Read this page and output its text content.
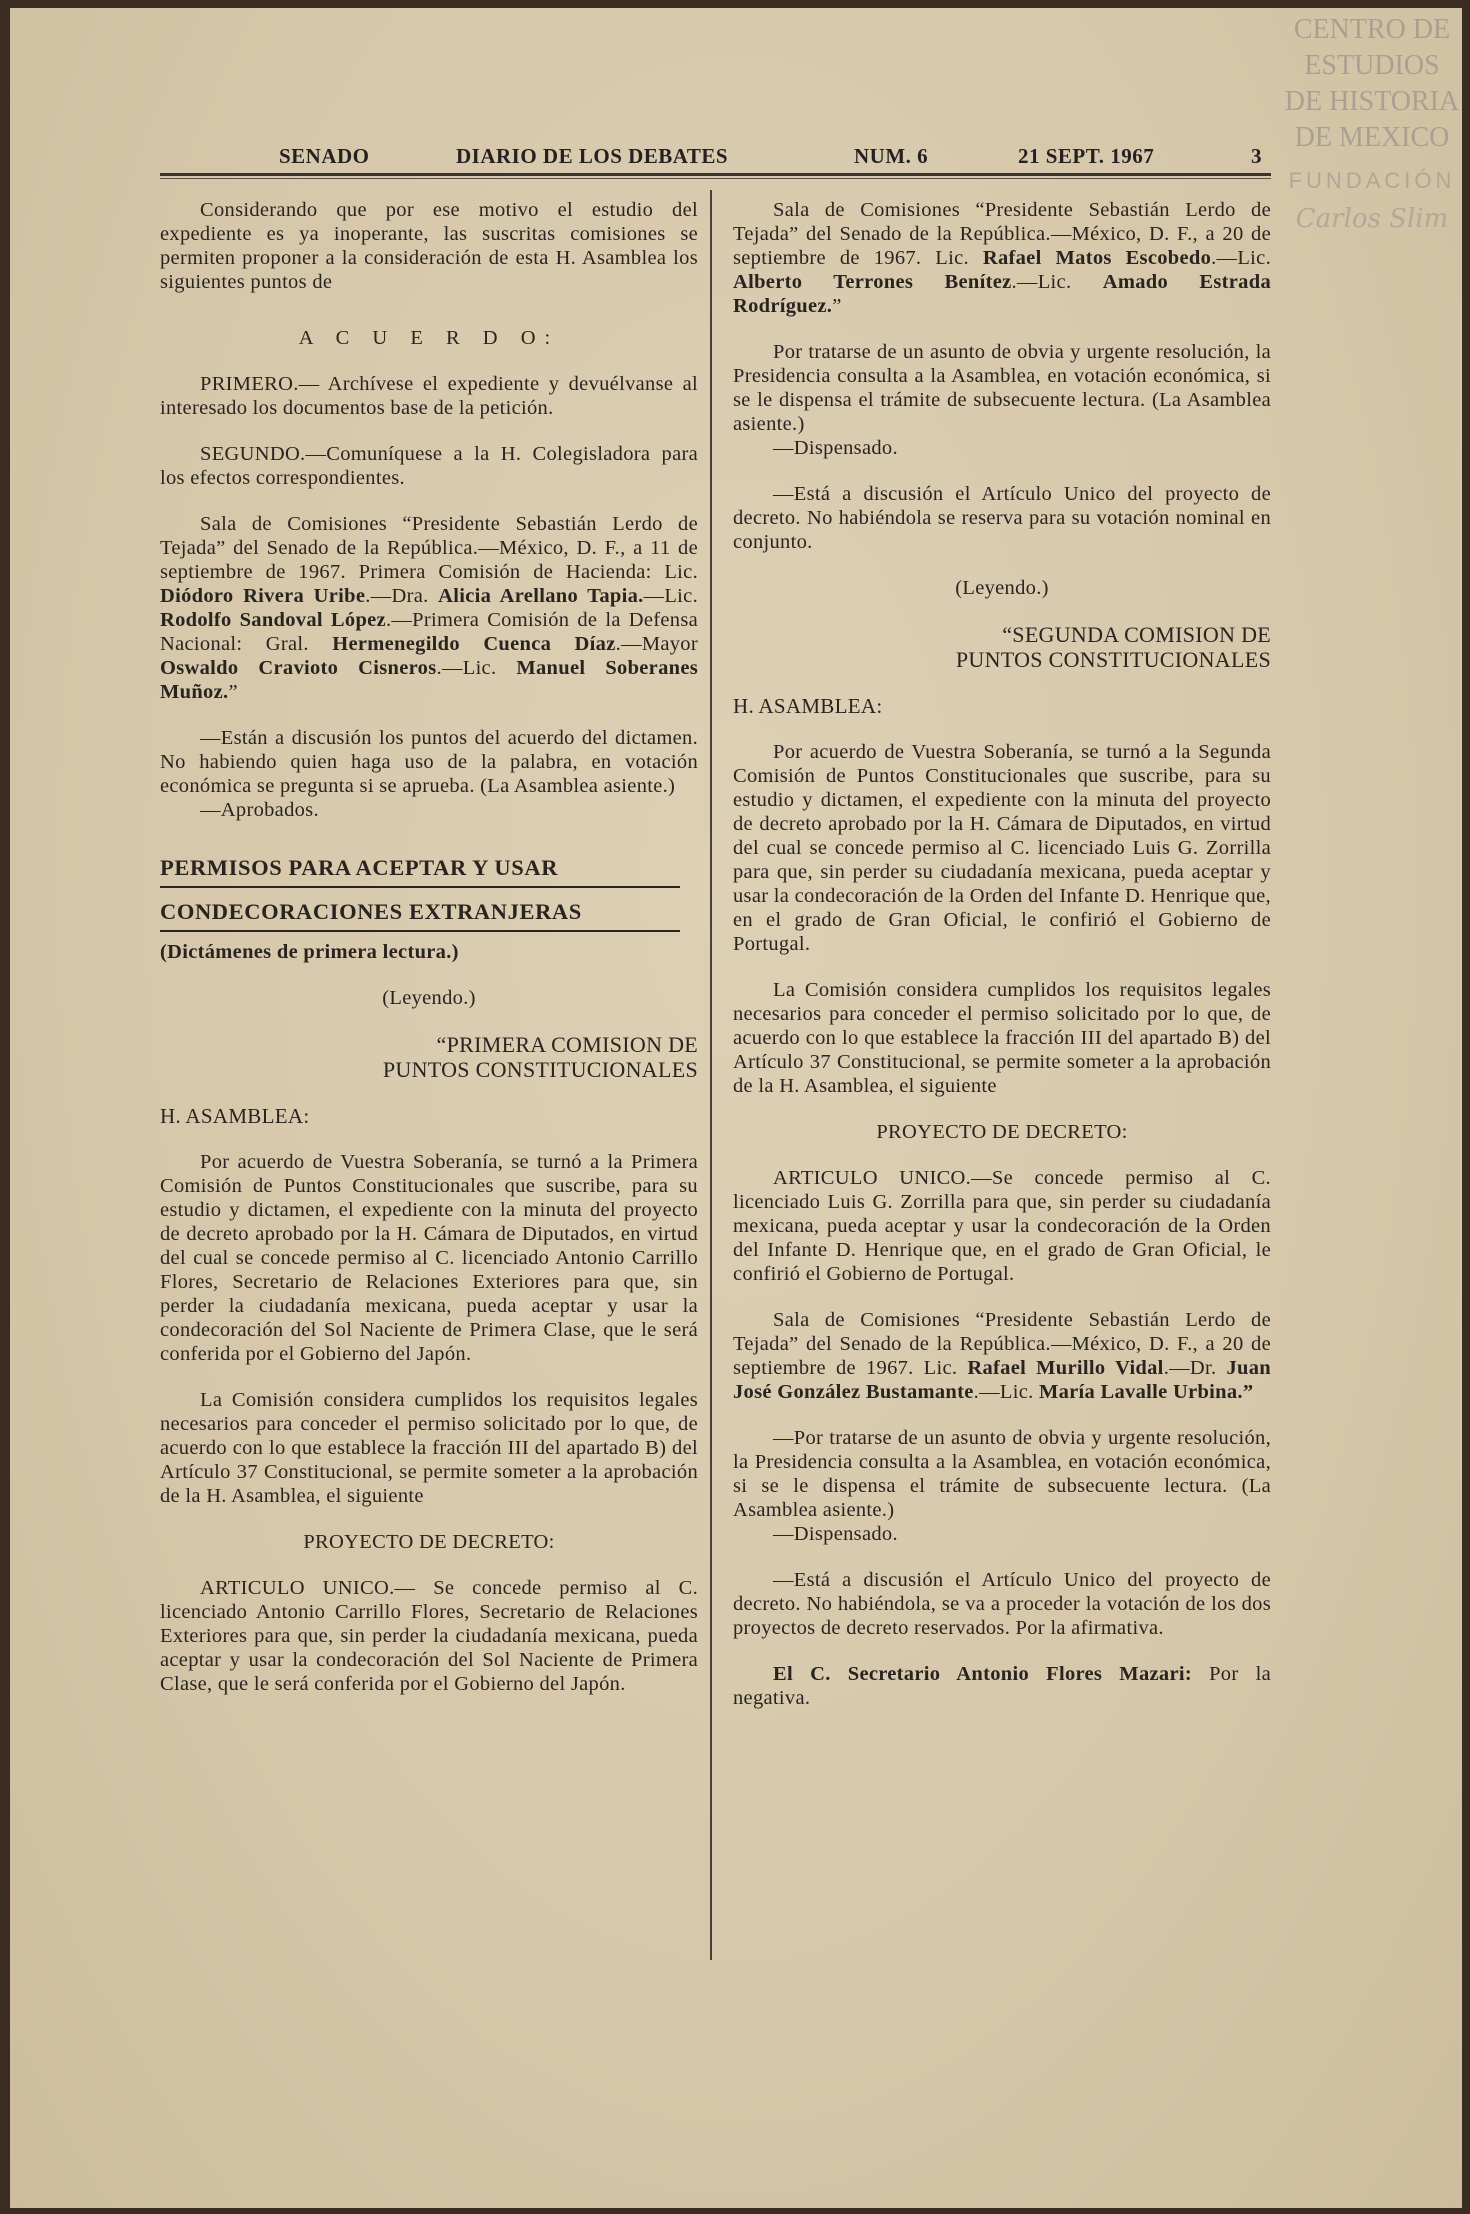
CENTRO DE
ESTUDIOS
DE HISTORIA
DE MEXICO
FUNDACIÓN
Carlos Slim
SENADO	DIARIO DE LOS DEBATES	NUM. 6	21 SEPT. 1967	3

Considerando que por ese motivo el estudio del expediente es ya inoperante, las suscritas comisiones se permiten proponer a la consideración de esta H. Asamblea los siguientes puntos de

A C U E R D O:

PRIMERO.— Archívese el expediente y devuélvanse al interesado los documentos base de la petición.

SEGUNDO.—Comuníquese a la H. Colegisladora para los efectos correspondientes.

Sala de Comisiones “Presidente Sebastián Lerdo de Tejada” del Senado de la República.—México, D. F., a 11 de septiembre de 1967. Primera Comisión de Hacienda: Lic. Diódoro Rivera Uribe.—Dra. Alicia Arellano Tapia.—Lic. Rodolfo Sandoval López.—Primera Comisión de la Defensa Nacional: Gral. Hermenegildo Cuenca Díaz.—Mayor Oswaldo Cravioto Cisneros.—Lic. Manuel Soberanes Muñoz.”

—Están a discusión los puntos del acuerdo del dictamen. No habiendo quien haga uso de la palabra, en votación económica se pregunta si se aprueba. (La Asamblea asiente.)

—Aprobados.

PERMISOS PARA ACEPTAR Y USAR

CONDECORACIONES EXTRANJERAS

(Dictámenes de primera lectura.)

(Leyendo.)

“PRIMERA COMISION DE
PUNTOS CONSTITUCIONALES

H. ASAMBLEA:

Por acuerdo de Vuestra Soberanía, se turnó a la Primera Comisión de Puntos Constitucionales que suscribe, para su estudio y dictamen, el expediente con la minuta del proyecto de decreto aprobado por la H. Cámara de Diputados, en virtud del cual se concede permiso al C. licenciado Antonio Carrillo Flores, Secretario de Relaciones Exteriores para que, sin perder la ciudadanía mexicana, pueda aceptar y usar la condecoración del Sol Naciente de Primera Clase, que le será conferida por el Gobierno del Japón.

La Comisión considera cumplidos los requisitos legales necesarios para conceder el permiso solicitado por lo que, de acuerdo con lo que establece la fracción III del apartado B) del Artículo 37 Constitucional, se permite someter a la aprobación de la H. Asamblea, el siguiente

PROYECTO DE DECRETO:

ARTICULO UNICO.— Se concede permiso al C. licenciado Antonio Carrillo Flores, Secretario de Relaciones Exteriores para que, sin perder la ciudadanía mexicana, pueda aceptar y usar la condecoración del Sol Naciente de Primera Clase, que le será conferida por el Gobierno del Japón.

Sala de Comisiones “Presidente Sebastián Lerdo de Tejada” del Senado de la República.—México, D. F., a 20 de septiembre de 1967. Lic. Rafael Matos Escobedo.—Lic. Alberto Terrones Benítez.—Lic. Amado Estrada Rodríguez.”

Por tratarse de un asunto de obvia y urgente resolución, la Presidencia consulta a la Asamblea, en votación económica, si se le dispensa el trámite de subsecuente lectura. (La Asamblea asiente.)

—Dispensado.

—Está a discusión el Artículo Unico del proyecto de decreto. No habiéndola se reserva para su votación nominal en conjunto.

(Leyendo.)

“SEGUNDA COMISION DE
PUNTOS CONSTITUCIONALES

H. ASAMBLEA:

Por acuerdo de Vuestra Soberanía, se turnó a la Segunda Comisión de Puntos Constitucionales que suscribe, para su estudio y dictamen, el expediente con la minuta del proyecto de decreto aprobado por la H. Cámara de Diputados, en virtud del cual se concede permiso al C. licenciado Luis G. Zorrilla para que, sin perder su ciudadanía mexicana, pueda aceptar y usar la condecoración de la Orden del Infante D. Henrique que, en el grado de Gran Oficial, le confirió el Gobierno de Portugal.

La Comisión considera cumplidos los requisitos legales necesarios para conceder el permiso solicitado por lo que, de acuerdo con lo que establece la fracción III del apartado B) del Artículo 37 Constitucional, se permite someter a la aprobación de la H. Asamblea, el siguiente

PROYECTO DE DECRETO:

ARTICULO UNICO.—Se concede permiso al C. licenciado Luis G. Zorrilla para que, sin perder su ciudadanía mexicana, pueda aceptar y usar la condecoración de la Orden del Infante D. Henrique que, en el grado de Gran Oficial, le confirió el Gobierno de Portugal.

Sala de Comisiones “Presidente Sebastián Lerdo de Tejada” del Senado de la República.—México, D. F., a 20 de septiembre de 1967. Lic. Rafael Murillo Vidal.—Dr. Juan José González Bustamante.—Lic. María Lavalle Urbina.”

—Por tratarse de un asunto de obvia y urgente resolución, la Presidencia consulta a la Asamblea, en votación económica, si se le dispensa el trámite de subsecuente lectura. (La Asamblea asiente.)

—Dispensado.

—Está a discusión el Artículo Unico del proyecto de decreto. No habiéndola, se va a proceder la votación de los dos proyectos de decreto reservados. Por la afirmativa.

El C. Secretario Antonio Flores Mazari: Por la negativa.
